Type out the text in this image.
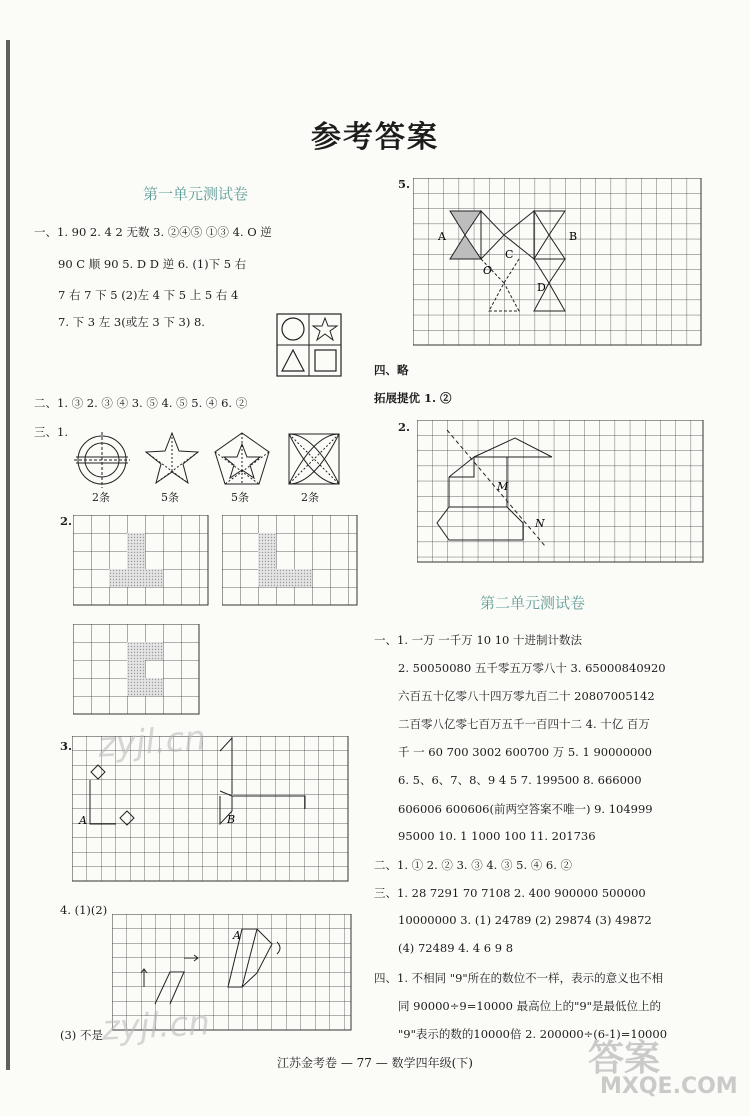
参考答案
第一单元测试卷
一、1. 90 2. 4 2 无数 3. ②④⑤ ①③ 4. O 逆
90 C 顺 90 5. D D 逆 6. (1)下 5 右
7 右 7 下 5 (2)左 4 下 5 上 5 右 4
7. 下 3 左 3(或左 3 下 3) 8.
二、1. ③ 2. ③ ④ 3. ⑤ 4. ⑤ 5. ④ 6. ②
三、1.
2条	5条	5条	2条
2.
3.
A	B
4. (1)(2)
A
(3) 不是
5.
A	B
C
D
O
四、略
拓展提优 1. ②
2.
M
N
第二单元测试卷
一、1. 一万 一千万 10 10 十进制计数法
2. 50050080 五千零五万零八十 3. 65000840920
六百五十亿零八十四万零九百二十 20807005142
二百零八亿零七百万五千一百四十二 4. 十亿 百万
千 一 60 700 3002 600700 万 5. 1 90000000
6. 5、6、7、8、9 4 5 7. 199500 8. 666000
606006 600606(前两空答案不唯一) 9. 104999
95000 10. 1 1000 100 11. 201736
二、1. ① 2. ② 3. ③ 4. ③ 5. ④ 6. ②
三、1. 28 7291 70 7108 2. 400 900000 500000
10000000 3. (1) 24789 (2) 29874 (3) 49872
(4) 72489 4. 4 6 9 8
四、1. 不相同 "9"所在的数位不一样，表示的意义也不相
同 90000÷9=10000 最高位上的"9"是最低位上的
"9"表示的数的10000倍 2. 200000÷(6-1)=10000
江苏金考卷 — 77 — 数学四年级(下)
zyjl.cn
zyjl.cn
答案
MXQE.COM
